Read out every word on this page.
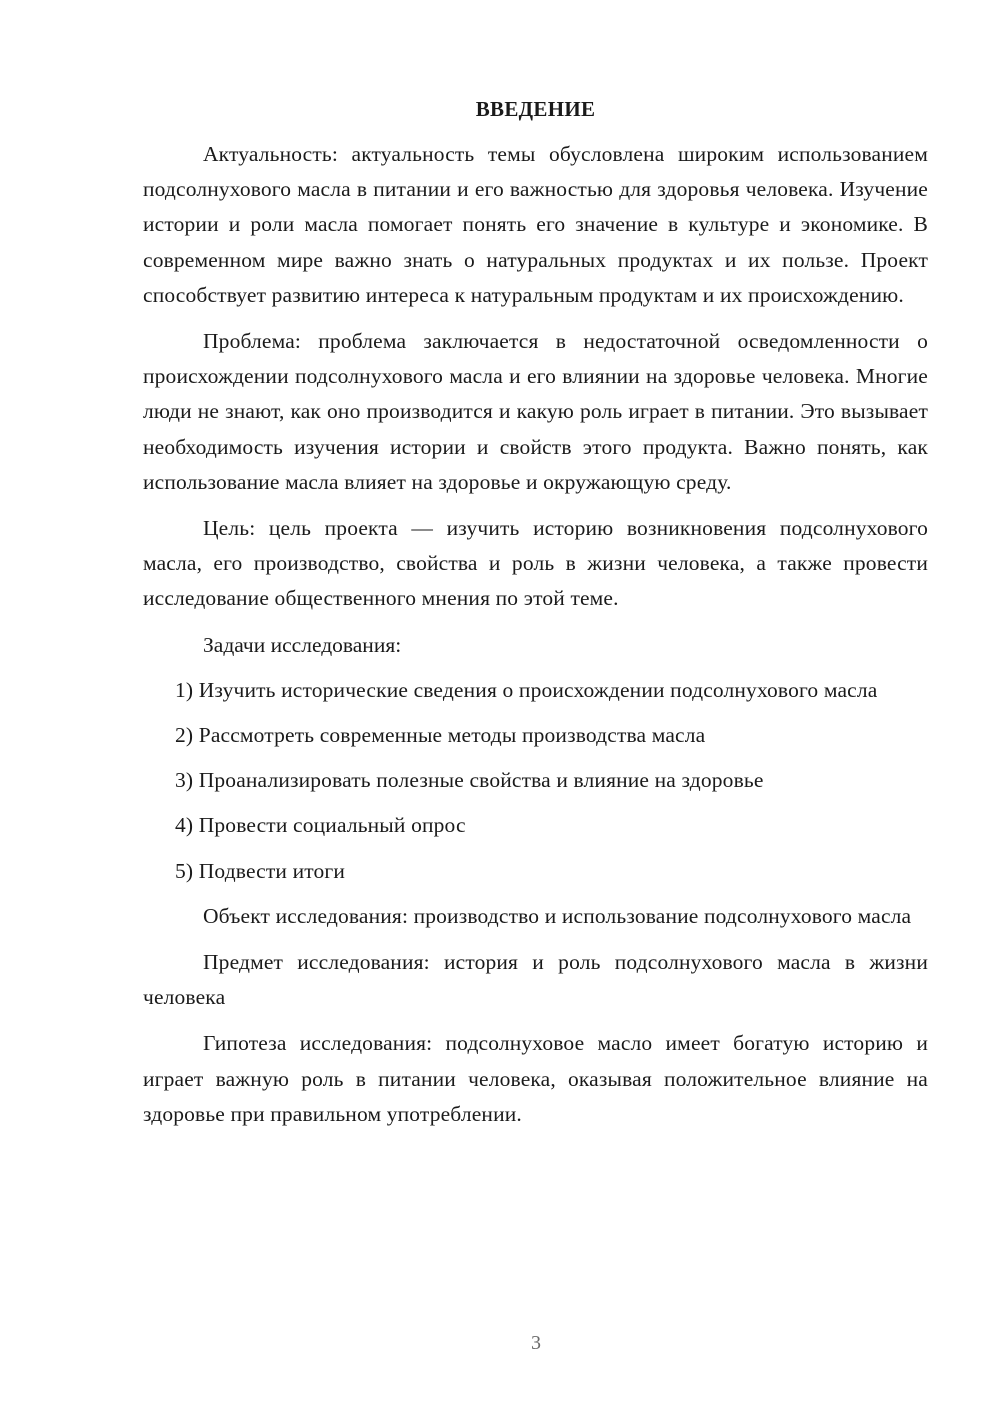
ВВЕДЕНИЕ

Актуальность: актуальность темы обусловлена широким использованием подсолнухового масла в питании и его важностью для здоровья человека. Изучение истории и роли масла помогает понять его значение в культуре и экономике. В современном мире важно знать о натуральных продуктах и их пользе. Проект способствует развитию интереса к натуральным продуктам и их происхождению.

Проблема: проблема заключается в недостаточной осведомленности о происхождении подсолнухового масла и его влиянии на здоровье человека. Многие люди не знают, как оно производится и какую роль играет в питании. Это вызывает необходимость изучения истории и свойств этого продукта. Важно понять, как использование масла влияет на здоровье и окружающую среду.

Цель: цель проекта — изучить историю возникновения подсолнухового масла, его производство, свойства и роль в жизни человека, а также провести исследование общественного мнения по этой теме.

Задачи исследования:

1) Изучить исторические сведения о происхождении подсолнухового масла

2) Рассмотреть современные методы производства масла

3) Проанализировать полезные свойства и влияние на здоровье

4) Провести социальный опрос

5) Подвести итоги

Объект исследования: производство и использование подсолнухового масла

Предмет исследования: история и роль подсолнухового масла в жизни человека

Гипотеза исследования: подсолнуховое масло имеет богатую историю и играет важную роль в питании человека, оказывая положительное влияние на здоровье при правильном употреблении.

3
